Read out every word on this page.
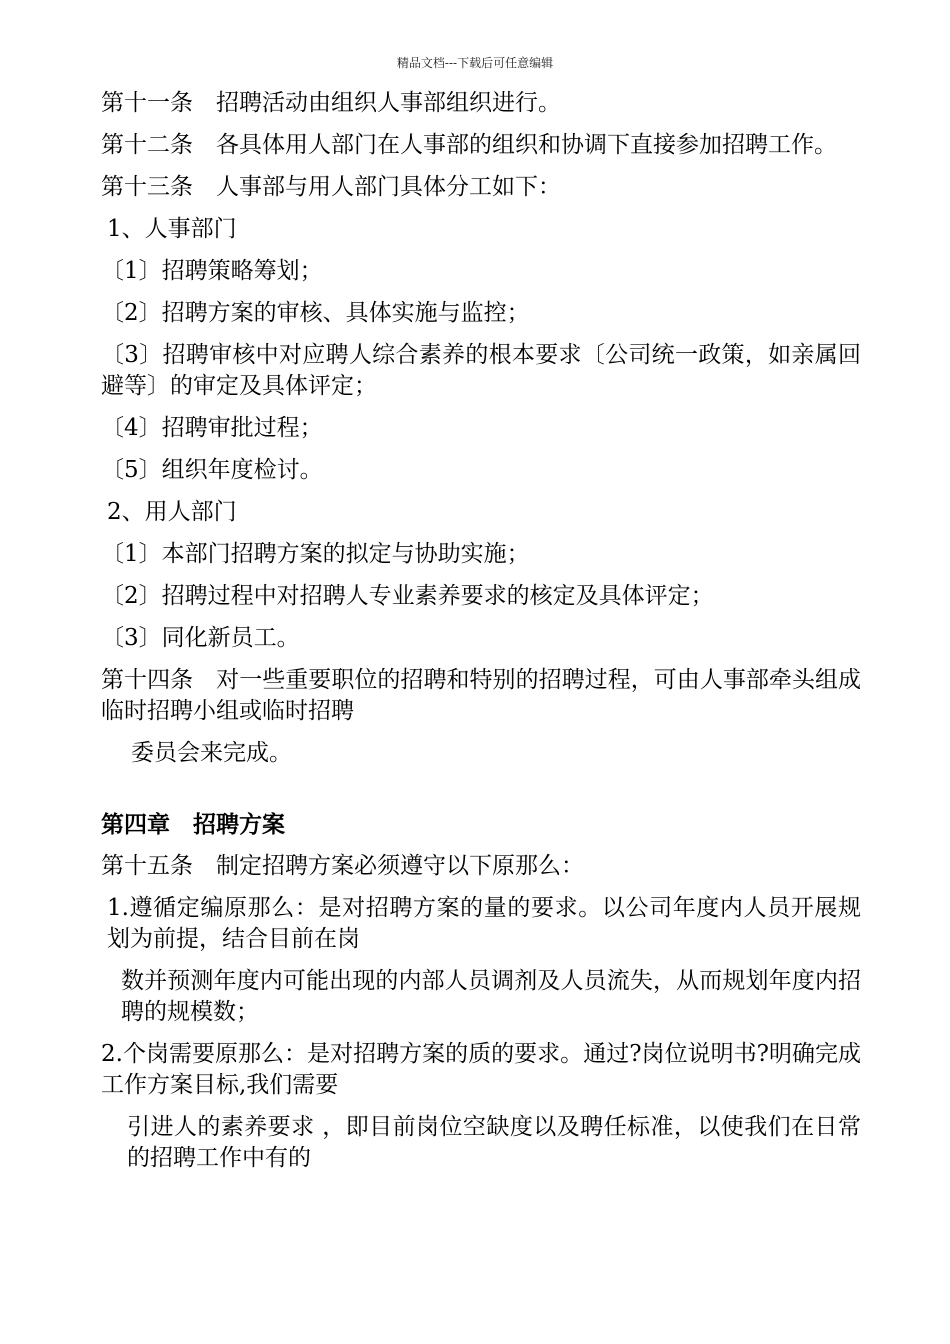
精品文档---下载后可任意编辑

第十一条　招聘活动由组织人事部组织进行。

第十二条　各具体用人部门在人事部的组织和协调下直接参加招聘工作。

第十三条　人事部与用人部门具体分工如下：

1、人事部门

〔1〕招聘策略筹划；

〔2〕招聘方案的审核、具体实施与监控；

〔3〕招聘审核中对应聘人综合素养的根本要求〔公司统一政策，如亲属回避等〕的审定及具体评定；

〔4〕招聘审批过程；

〔5〕组织年度检讨。

2、用人部门

〔1〕本部门招聘方案的拟定与协助实施；

〔2〕招聘过程中对招聘人专业素养要求的核定及具体评定；

〔3〕同化新员工。

第十四条　对一些重要职位的招聘和特别的招聘过程，可由人事部牵头组成临时招聘小组或临时招聘

委员会来完成。

第四章　招聘方案

第十五条　制定招聘方案必须遵守以下原那么：

1.遵循定编原那么：是对招聘方案的量的要求。以公司年度内人员开展规划为前提，结合目前在岗

数并预测年度内可能出现的内部人员调剂及人员流失，从而规划年度内招聘的规模数；

2.个岗需要原那么：是对招聘方案的质的要求。通过?岗位说明书?明确完成工作方案目标,我们需要

引进人的素养要求 ，即目前岗位空缺度以及聘任标准，以使我们在日常的招聘工作中有的
